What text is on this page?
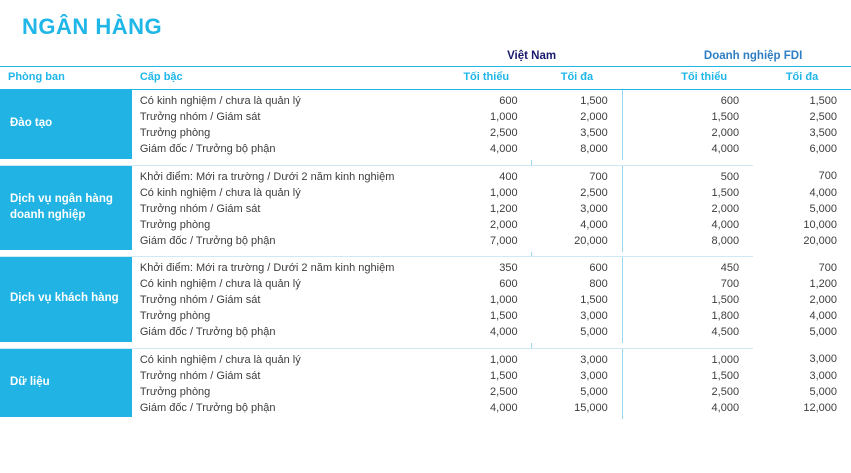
NGÂN HÀNG
		Việt Nam			Doanh nghiệp FDI	
Phòng ban	Cấp bậc	Tối thiểu	Tối đa		Tối thiểu	Tối đa
Đào tạo	Có kinh nghiệm / chưa là quản lý	600	1,500		600	1,500
	Trưởng nhóm / Giám sát	1,000	2,000		1,500	2,500
	Trưởng phòng	2,500	3,500		2,000	3,500
	Giám đốc / Trưởng bộ phận	4,000	8,000		4,000	6,000

Dịch vụ ngân hàng doanh nghiệp	Khởi điểm: Mới ra trường / Dưới 2 năm kinh nghiệm	400	700		500	700
	Có kinh nghiệm / chưa là quản lý	1,000	2,500		1,500	4,000
	Trưởng nhóm / Giám sát	1,200	3,000		2,000	5,000
	Trưởng phòng	2,000	4,000		4,000	10,000
	Giám đốc / Trưởng bộ phận	7,000	20,000		8,000	20,000

Dịch vụ khách hàng	Khởi điểm: Mới ra trường / Dưới 2 năm kinh nghiệm	350	600		450	700
	Có kinh nghiệm / chưa là quản lý	600	800		700	1,200
	Trưởng nhóm / Giám sát	1,000	1,500		1,500	2,000
	Trưởng phòng	1,500	3,000		1,800	4,000
	Giám đốc / Trưởng bộ phận	4,000	5,000		4,500	5,000

Dữ liệu	Có kinh nghiệm / chưa là quản lý	1,000	3,000		1,000	3,000
	Trưởng nhóm / Giám sát	1,500	3,000		1,500	3,000
	Trưởng phòng	2,500	5,000		2,500	5,000
	Giám đốc / Trưởng bộ phận	4,000	15,000		4,000	12,000
